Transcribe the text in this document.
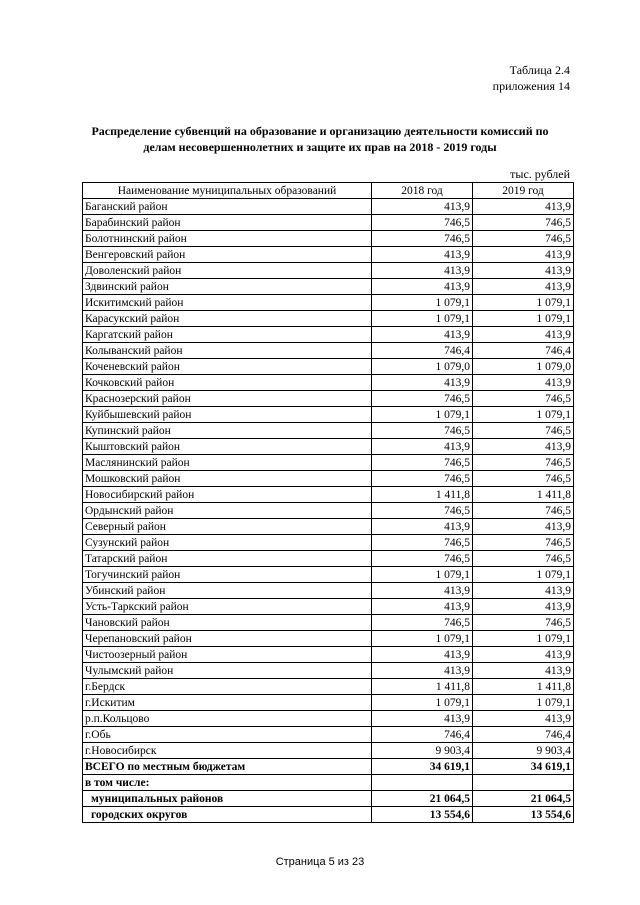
Таблица 2.4
приложения 14
Распределение субвенций на образование и организацию деятельности комиссий по
делам несовершеннолетних и защите их прав на 2018 - 2019 годы
тыс. рублей
Наименование муниципальных образований	2018 год	2019 год
Баганский район	413,9	413,9
Барабинский район	746,5	746,5
Болотнинский район	746,5	746,5
Венгеровский район	413,9	413,9
Доволенский район	413,9	413,9
Здвинский район	413,9	413,9
Искитимский район	1 079,1	1 079,1
Карасукский район	1 079,1	1 079,1
Каргатский район	413,9	413,9
Колыванский район	746,4	746,4
Коченевский район	1 079,0	1 079,0
Кочковский район	413,9	413,9
Краснозерский район	746,5	746,5
Куйбышевский район	1 079,1	1 079,1
Купинский район	746,5	746,5
Кыштовский район	413,9	413,9
Маслянинский район	746,5	746,5
Мошковский район	746,5	746,5
Новосибирский район	1 411,8	1 411,8
Ордынский район	746,5	746,5
Северный район	413,9	413,9
Сузунский район	746,5	746,5
Татарский район	746,5	746,5
Тогучинский район	1 079,1	1 079,1
Убинский район	413,9	413,9
Усть-Таркский район	413,9	413,9
Чановский район	746,5	746,5
Черепановский район	1 079,1	1 079,1
Чистоозерный район	413,9	413,9
Чулымский район	413,9	413,9
г.Бердск	1 411,8	1 411,8
г.Искитим	1 079,1	1 079,1
р.п.Кольцово	413,9	413,9
г.Обь	746,4	746,4
г.Новосибирск	9 903,4	9 903,4
ВСЕГО по местным бюджетам	34 619,1	34 619,1
в том числе:		
муниципальных районов	21 064,5	21 064,5
городских округов	13 554,6	13 554,6
Страница 5 из 23
